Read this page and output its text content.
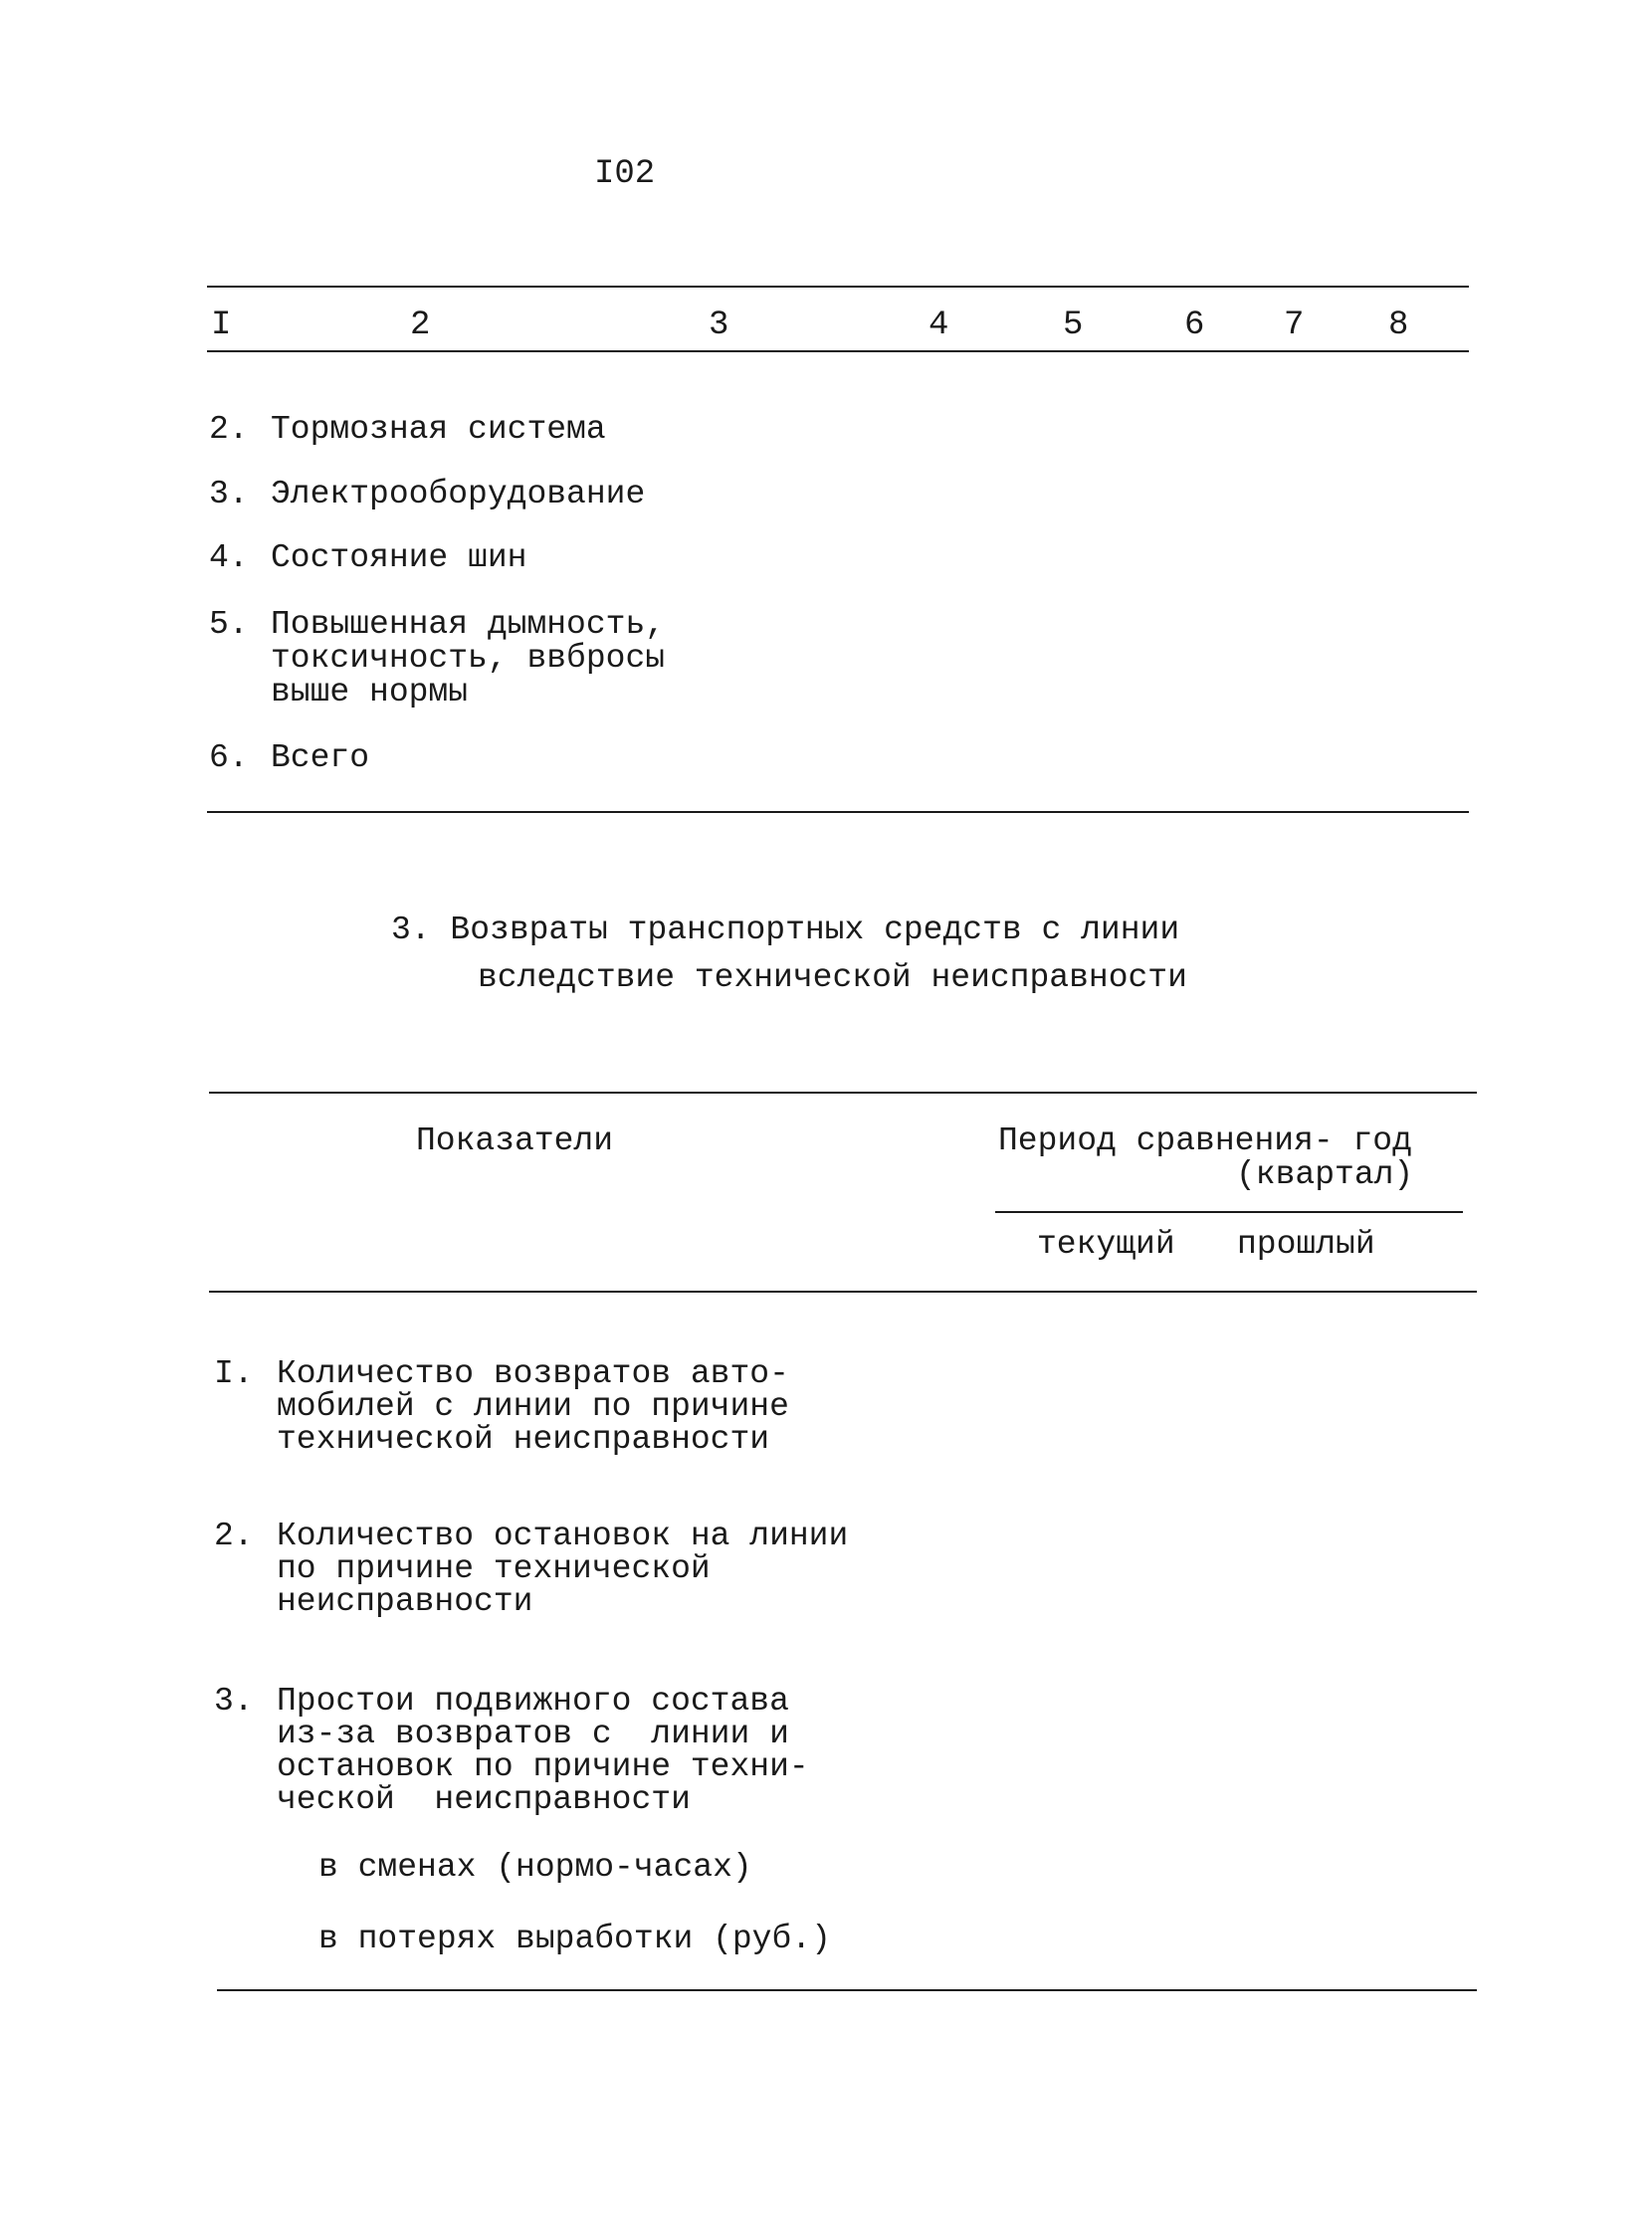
I02
I	2	3	4	5	6 7 8
2. Тормозная система
3. Электрооборудование
4. Состояние шин
5. Повышенная дымность,
токсичность, ввбросы
выше нормы
6. Всего
3. Возвраты транспортных средств с линии
вследствие технической неисправности
Показатели	Период сравнения- год
(квартал)
текущий прошлый
I. Количество возвратов авто-
мобилей с линии по причине
технической неисправности
2. Количество остановок на линии
по причине технической
неисправности
3. Простои подвижного состава
из-за возвратов с  линии и
остановок по причине техни-
ческой  неисправности
в сменах (нормо-часах)
в потерях выработки (руб.)
